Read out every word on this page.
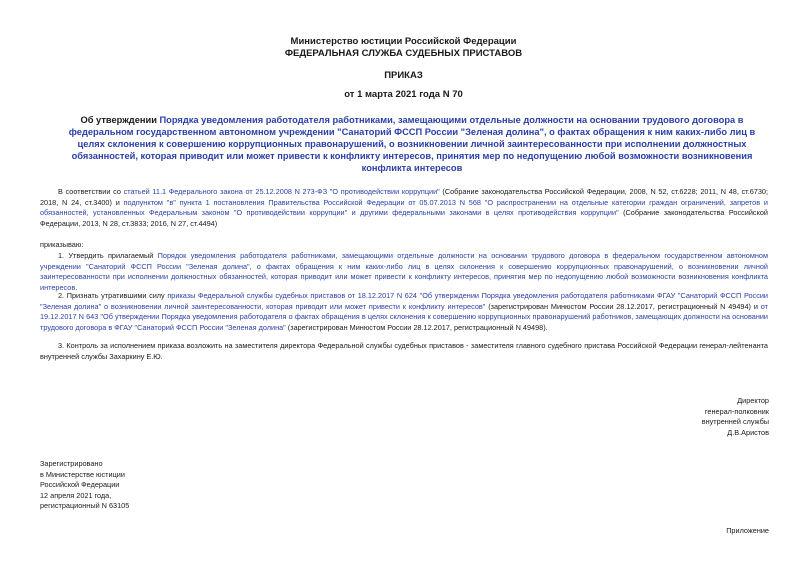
Министерство юстиции Российской Федерации
ФЕДЕРАЛЬНАЯ СЛУЖБА СУДЕБНЫХ ПРИСТАВОВ
ПРИКАЗ
от 1 марта 2021 года N 70
Об утверждении Порядка уведомления работодателя работниками, замещающими отдельные должности на основании трудового договора в федеральном государственном автономном учреждении "Санаторий ФССП России "Зеленая долина", о фактах обращения к ним каких-либо лиц в целях склонения к совершению коррупционных правонарушений, о возникновении личной заинтересованности при исполнении должностных обязанностей, которая приводит или может привести к конфликту интересов, принятия мер по недопущению любой возможности возникновения конфликта интересов
В соответствии со статьей 11.1 Федерального закона от 25.12.2008 N 273-ФЗ "О противодействии коррупции" (Собрание законодательства Российской Федерации, 2008, N 52, ст.6228; 2011, N 48, ст.6730; 2018, N 24, ст.3400) и подпунктом "в" пункта 1 постановления Правительства Российской Федерации от 05.07.2013 N 568 "О распространении на отдельные категории граждан ограничений, запретов и обязанностей, установленных Федеральным законом "О противодействии коррупции" и другими федеральными законами в целях противодействия коррупции" (Собрание законодательства Российской Федерации, 2013, N 28, ст.3833; 2016, N 27, ст.4494)
приказываю:
1. Утвердить прилагаемый Порядок уведомления работодателя работниками, замещающими отдельные должности на основании трудового договора в федеральном государственном автономном учреждении "Санаторий ФССП России "Зеленая долина", о фактах обращения к ним каких-либо лиц в целях склонения к совершению коррупционных правонарушений, о возникновении личной заинтересованности при исполнении должностных обязанностей, которая приводит или может привести к конфликту интересов, принятия мер по недопущению любой возможности возникновения конфликта интересов.
2. Признать утратившими силу приказы Федеральной службы судебных приставов от 18.12.2017 N 624 "Об утверждении Порядка уведомления работодателя работниками ФГАУ "Санаторий ФССП России "Зеленая долина" о возникновении личной заинтересованности, которая приводит или может привести к конфликту интересов" (зарегистрирован Минюстом России 28.12.2017, регистрационный N 49494) и от 19.12.2017 N 643 "Об утверждении Порядка уведомления работодателя о фактах обращения в целях склонения к совершению коррупционных правонарушений работников, замещающих должности на основании трудового договора в ФГАУ "Санаторий ФССП России "Зеленая долина" (зарегистрирован Минюстом России 28.12.2017, регистрационный N 49498).
3. Контроль за исполнением приказа возложить на заместителя директора Федеральной службы судебных приставов - заместителя главного судебного пристава Российской Федерации генерал-лейтенанта внутренней службы Захаркину Е.Ю.
Директор
генерал-полковник
внутренней службы
Д.В.Аристов
Зарегистрировано
в Министерстве юстиции
Российской Федерации
12 апреля 2021 года,
регистрационный N 63105
Приложение
